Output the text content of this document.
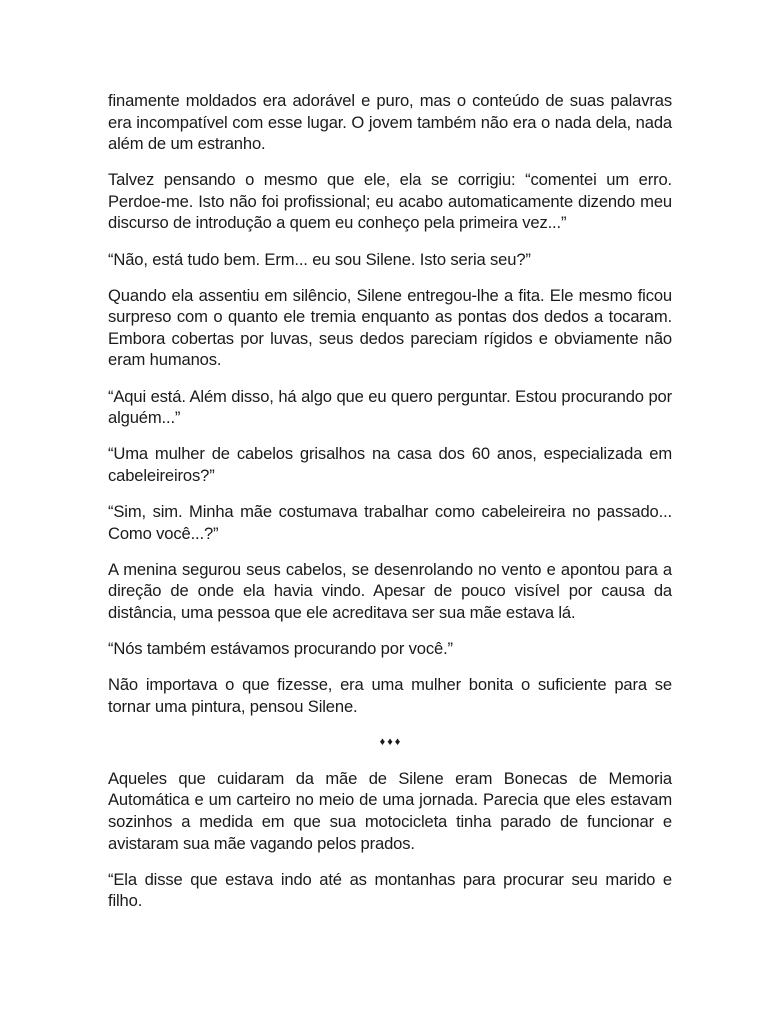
finamente moldados era adorável e puro, mas o conteúdo de suas palavras era incompatível com esse lugar. O jovem também não era o nada dela, nada além de um estranho.

Talvez pensando o mesmo que ele, ela se corrigiu: “comentei um erro. Perdoe-me. Isto não foi profissional; eu acabo automaticamente dizendo meu discurso de introdução a quem eu conheço pela primeira vez...”

“Não, está tudo bem. Erm... eu sou Silene. Isto seria seu?”

Quando ela assentiu em silêncio, Silene entregou-lhe a fita. Ele mesmo ficou surpreso com o quanto ele tremia enquanto as pontas dos dedos a tocaram. Embora cobertas por luvas, seus dedos pareciam rígidos e obviamente não eram humanos.

“Aqui está. Além disso, há algo que eu quero perguntar. Estou procurando por alguém...”

“Uma mulher de cabelos grisalhos na casa dos 60 anos, especializada em cabeleireiros?”

“Sim, sim. Minha mãe costumava trabalhar como cabeleireira no passado... Como você...?”

A menina segurou seus cabelos, se desenrolando no vento e apontou para a direção de onde ela havia vindo. Apesar de pouco visível por causa da distância, uma pessoa que ele acreditava ser sua mãe estava lá.

“Nós também estávamos procurando por você.”

Não importava o que fizesse, era uma mulher bonita o suficiente para se tornar uma pintura, pensou Silene.

♦♦♦

Aqueles que cuidaram da mãe de Silene eram Bonecas de Memoria Automática e um carteiro no meio de uma jornada. Parecia que eles estavam sozinhos a medida em que sua motocicleta tinha parado de funcionar e avistaram sua mãe vagando pelos prados.

“Ela disse que estava indo até as montanhas para procurar seu marido e filho.
